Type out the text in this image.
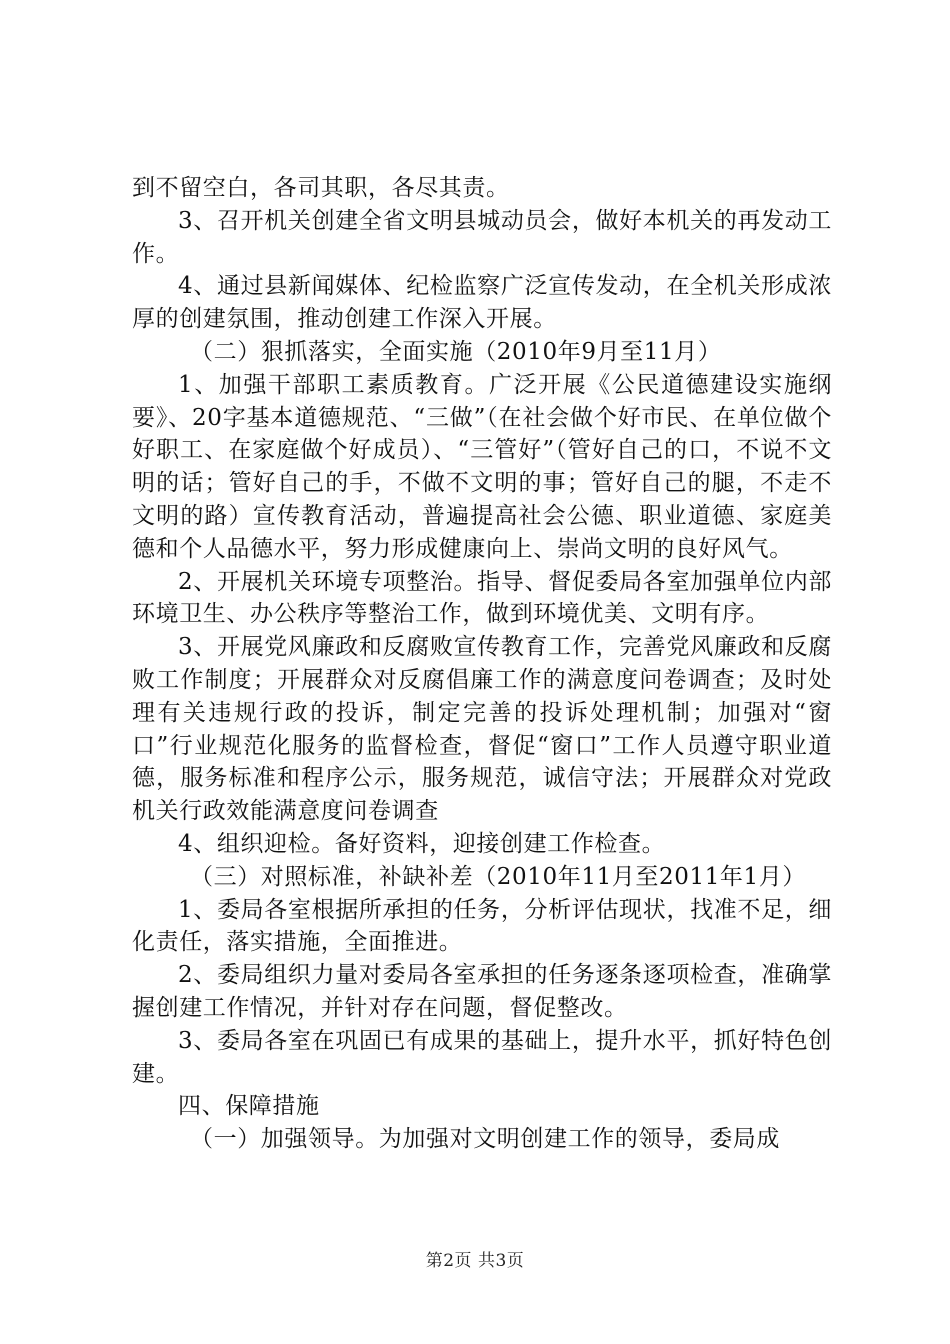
到不留空白，各司其职，各尽其责。

3、召开机关创建全省文明县城动员会，做好本机关的再发动工作。

4、通过县新闻媒体、纪检监察广泛宣传发动，在全机关形成浓厚的创建氛围，推动创建工作深入开展。

（二）狠抓落实，全面实施（2010年9月至11月）

1、加强干部职工素质教育。广泛开展《公民道德建设实施纲要》、20字基本道德规范、“三做”（在社会做个好市民、在单位做个好职工、在家庭做个好成员）、“三管好”（管好自己的口，不说不文明的话；管好自己的手，不做不文明的事；管好自己的腿，不走不文明的路）宣传教育活动，普遍提高社会公德、职业道德、家庭美德和个人品德水平，努力形成健康向上、崇尚文明的良好风气。

2、开展机关环境专项整治。指导、督促委局各室加强单位内部环境卫生、办公秩序等整治工作，做到环境优美、文明有序。

3、开展党风廉政和反腐败宣传教育工作，完善党风廉政和反腐败工作制度；开展群众对反腐倡廉工作的满意度问卷调查；及时处理有关违规行政的投诉，制定完善的投诉处理机制；加强对“窗口”行业规范化服务的监督检查，督促“窗口”工作人员遵守职业道德，服务标准和程序公示，服务规范，诚信守法；开展群众对党政机关行政效能满意度问卷调查

4、组织迎检。备好资料，迎接创建工作检查。

（三）对照标准，补缺补差（2010年11月至2011年1月）

1、委局各室根据所承担的任务，分析评估现状，找准不足，细化责任，落实措施，全面推进。

2、委局组织力量对委局各室承担的任务逐条逐项检查，准确掌握创建工作情况，并针对存在问题，督促整改。

3、委局各室在巩固已有成果的基础上，提升水平，抓好特色创建。

四、保障措施

（一）加强领导。为加强对文明创建工作的领导，委局成

第2页 共3页
